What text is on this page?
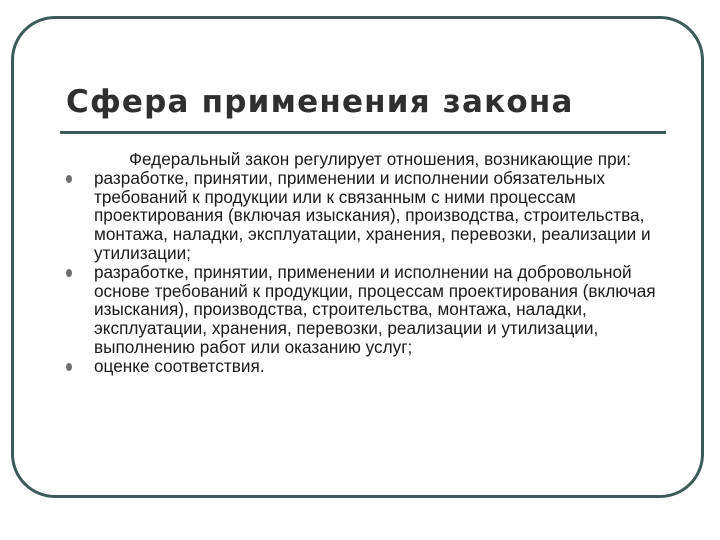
Сфера применения закона

Федеральный закон регулирует отношения, возникающие при:

разработке, принятии, применении и исполнении обязательных требований к продукции или к связанным с ними процессам проектирования (включая изыскания), производства, строительства, монтажа, наладки, эксплуатации, хранения, перевозки, реализации и утилизации;
разработке, принятии, применении и исполнении на добровольной основе требований к продукции, процессам проектирования (включая изыскания), производства, строительства, монтажа, наладки, эксплуатации, хранения, перевозки, реализации и утилизации, выполнению работ или оказанию услуг;
оценке соответствия.
